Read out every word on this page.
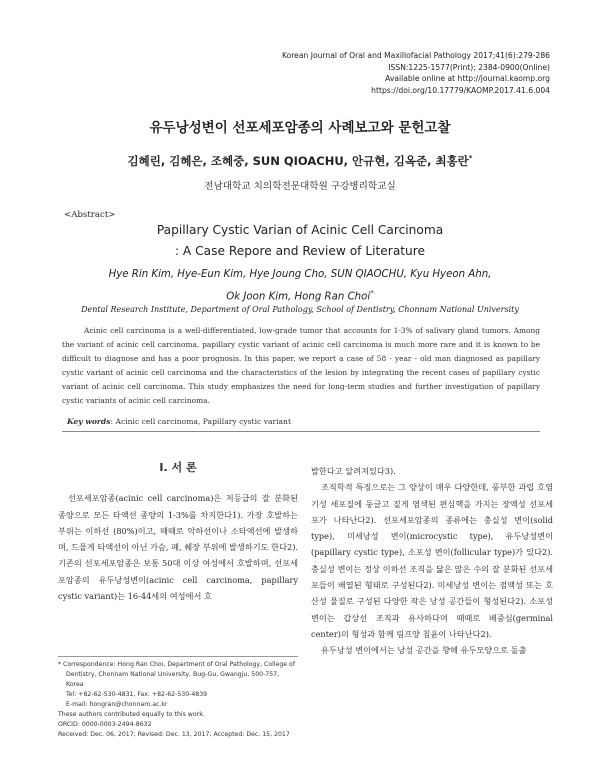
Korean Journal of Oral and Maxillofacial Pathology 2017;41(6):279-286
ISSN:1225-1577(Print); 2384-0900(Online)
Available online at http://journal.kaomp.org
https://doi.org/10.17779/KAOMP.2017.41.6.004
유두낭성변이 선포세포암종의 사례보고와 문헌고찰
김혜린, 김혜은, 조혜중, SUN QIOACHU, 안규현, 김옥준, 최홍란*
전남대학교 치의학전문대학원 구강병리학교실
<Abstract>
Papillary Cystic Varian of Acinic Cell Carcinoma
: A Case Repore and Review of Literature
Hye Rin Kim, Hye-Eun Kim, Hye Joung Cho, SUN QIAOCHU, Kyu Hyeon Ahn,
Ok Joon Kim, Hong Ran Choi*
Dental Research Institute, Department of Oral Pathology, School of Dentistry, Chonnam National University
Acinic cell carcinoma is a well-differentiated, low-grade tumor that accounts for 1-3% of salivary gland tumors. Among the variant of acinic cell carcinoma, papillary cystic variant of acinic cell carcinoma is much more rare and it is known to be difficult to diagnose and has a poor prognosis. In this paper, we report a case of 58 - year - old man diagnosed as papillary cystic variant of acinic cell carcinoma and the characteristics of the lesion by integrating the recent cases of papillary cystic variant of acinic cell carcinoma. This study emphasizes the need for long-term studies and further investigation of papillary cystic variants of acinic cell carcinoma.
Key words: Acinic cell carcinoma, Papillary cystic variant
Ⅰ. 서 론

선포세포암종(acinic cell carcinoma)은 저등급의 잘 분화된 종양으로 모든 타액선 종양의 1-3%를 차지한다1). 가장 호발하는 부위는 이하선 (80%)이고, 때때로 악하선이나 소타액선에 발생하며, 드물게 타액선이 아닌 가슴, 폐, 췌장 부위에 발생하기도 한다2). 기존의 선포세포암종은 보통 50대 이상 여성에서 호발하며, 선포세포암종의 유두낭성변이(acinic cell carcinoma, papillary cystic variant)는 16-44세의 여성에서 호

발한다고 알려져있다3).

조직학적 특징으로는 그 양상이 매우 다양한데, 풍부한 과립 호염기성 세포질에 둥글고 짙게 염색된 편심핵을 가지는 장액성 선포세포가 나타난다2). 선포세포암종의 종류에는 충실성 변이(solid type), 미세낭성 변이(microcystic type), 유두낭성변이(papillary cystic type), 소포성 변이(follicular type)가 있다2). 충실성 변이는 정상 이하선 조직을 닮은 많은 수의 잘 분화된 선포세포들이 배열된 형태로 구성된다2). 미세낭성 변이는 점액성 또는 호산성 물질로 구성된 다양한 작은 낭성 공간들이 형성된다2). 소포성 변이는 갑상선 조직과 유사하다며 때때로 배중심(germinal center)의 형성과 함께 림프양 침윤이 나타난다2).

유두낭성 변이에서는 낭성 공간을 향해 유두모양으로 돌출

* Correspondence: Hong Ran Choi, Department of Oral Pathology, College of Dentistry, Chonnam National University, Bug-Gu, Gwangju, 500-757, Korea
Tel: +82-62-530-4831, Fax: +82-62-530-4839
E-mail: hongran@chonnam.ac.kr
These authors contributed equally to this work.
ORCID: 0000-0003-2494-8632
Received: Dec. 06, 2017; Revised: Dec. 13, 2017; Accepted: Dec. 15, 2017
